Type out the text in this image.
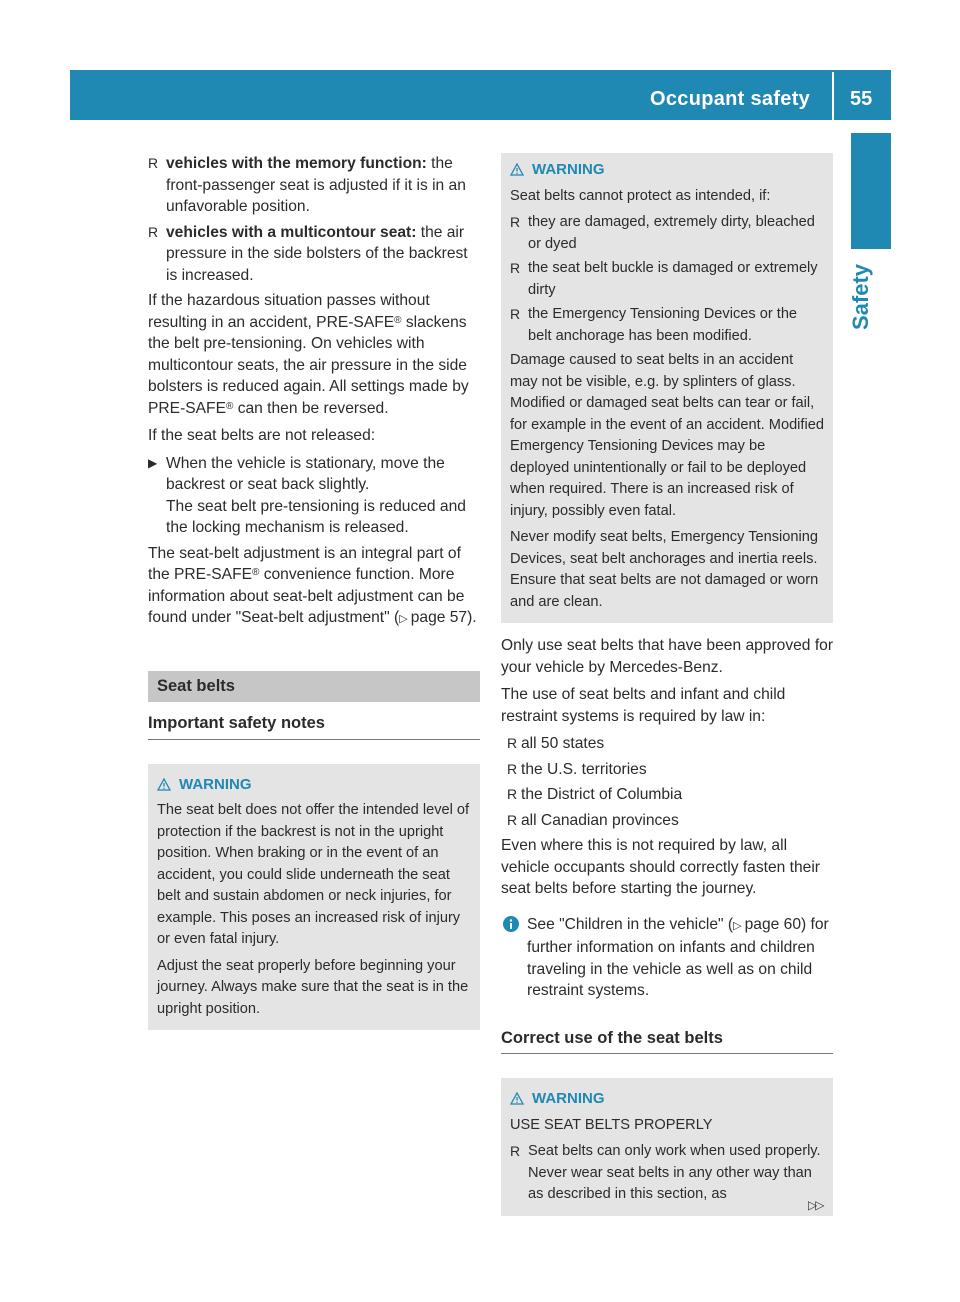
Occupant safety 55
Safety
R vehicles with the memory function: the front-passenger seat is adjusted if it is in an unfavorable position.
R vehicles with a multicontour seat: the air pressure in the side bolsters of the backrest is increased.

If the hazardous situation passes without resulting in an accident, PRE-SAFE® slackens the belt pre-tensioning. On vehicles with multicontour seats, the air pressure in the side bolsters is reduced again. All settings made by PRE-SAFE® can then be reversed.

If the seat belts are not released:

▶ When the vehicle is stationary, move the backrest or seat back slightly.
The seat belt pre-tensioning is reduced and the locking mechanism is released.

The seat-belt adjustment is an integral part of the PRE-SAFE® convenience function. More information about seat-belt adjustment can be found under "Seat-belt adjustment" (▷ page 57).

Seat belts
Important safety notes
WARNING

The seat belt does not offer the intended level of protection if the backrest is not in the upright position. When braking or in the event of an accident, you could slide underneath the seat belt and sustain abdomen or neck injuries, for example. This poses an increased risk of injury or even fatal injury.

Adjust the seat properly before beginning your journey. Always make sure that the seat is in the upright position.

WARNING

Seat belts cannot protect as intended, if:

R they are damaged, extremely dirty, bleached or dyed
R the seat belt buckle is damaged or extremely dirty
R the Emergency Tensioning Devices or the belt anchorage has been modified.

Damage caused to seat belts in an accident may not be visible, e.g. by splinters of glass. Modified or damaged seat belts can tear or fail, for example in the event of an accident. Modified Emergency Tensioning Devices may be deployed unintentionally or fail to be deployed when required. There is an increased risk of injury, possibly even fatal.

Never modify seat belts, Emergency Tensioning Devices, seat belt anchorages and inertia reels. Ensure that seat belts are not damaged or worn and are clean.

Only use seat belts that have been approved for your vehicle by Mercedes-Benz.

The use of seat belts and infant and child restraint systems is required by law in:

R all 50 states
R the U.S. territories
R the District of Columbia
R all Canadian provinces

Even where this is not required by law, all vehicle occupants should correctly fasten their seat belts before starting the journey.

See "Children in the vehicle" (▷ page 60) for further information on infants and children traveling in the vehicle as well as on child restraint systems.
Correct use of the seat belts
WARNING

USE SEAT BELTS PROPERLY

R Seat belts can only work when used properly. Never wear seat belts in any other way than as described in this section, as
▷▷
